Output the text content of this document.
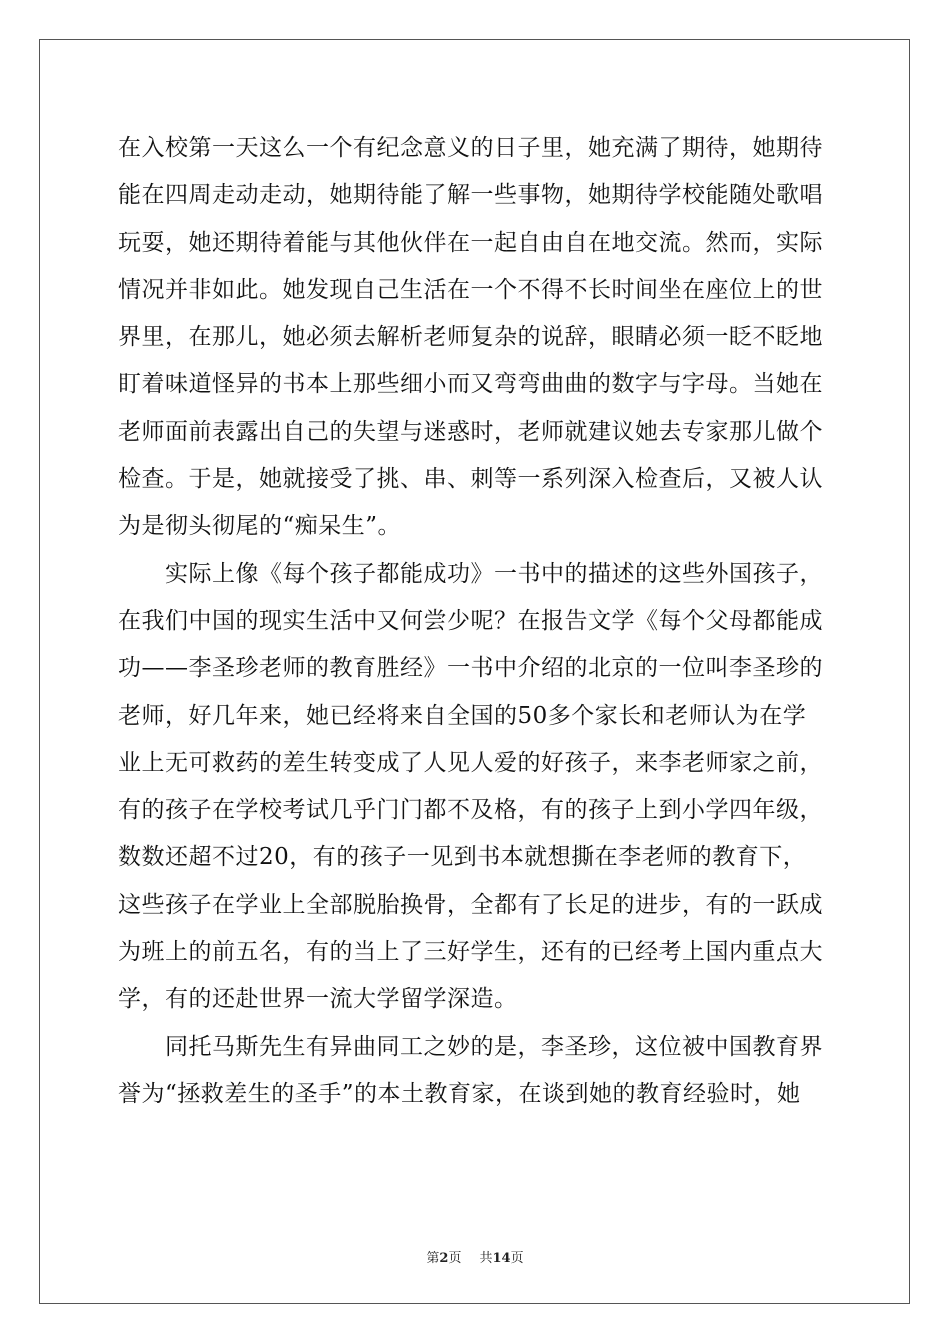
在入校第一天这么一个有纪念意义的日子里，她充满了期待，她期待
能在四周走动走动，她期待能了解一些事物，她期待学校能随处歌唱
玩耍，她还期待着能与其他伙伴在一起自由自在地交流。然而，实际
情况并非如此。她发现自己生活在一个不得不长时间坐在座位上的世
界里，在那儿，她必须去解析老师复杂的说辞，眼睛必须一眨不眨地
盯着味道怪异的书本上那些细小而又弯弯曲曲的数字与字母。当她在
老师面前表露出自己的失望与迷惑时，老师就建议她去专家那儿做个
检查。于是，她就接受了挑、串、刺等一系列深入检查后，又被人认
为是彻头彻尾的“痴呆生”。
　　实际上像《每个孩子都能成功》一书中的描述的这些外国孩子，
在我们中国的现实生活中又何尝少呢？在报告文学《每个父母都能成
功——李圣珍老师的教育胜经》一书中介绍的北京的一位叫李圣珍的
老师，好几年来，她已经将来自全国的50多个家长和老师认为在学
业上无可救药的差生转变成了人见人爱的好孩子，来李老师家之前，
有的孩子在学校考试几乎门门都不及格，有的孩子上到小学四年级，
数数还超不过20，有的孩子一见到书本就想撕在李老师的教育下，
这些孩子在学业上全部脱胎换骨，全都有了长足的进步，有的一跃成
为班上的前五名，有的当上了三好学生，还有的已经考上国内重点大
学，有的还赴世界一流大学留学深造。
　　同托马斯先生有异曲同工之妙的是，李圣珍，这位被中国教育界
誉为“拯救差生的圣手”的本土教育家，在谈到她的教育经验时，她
第2页 共14页
